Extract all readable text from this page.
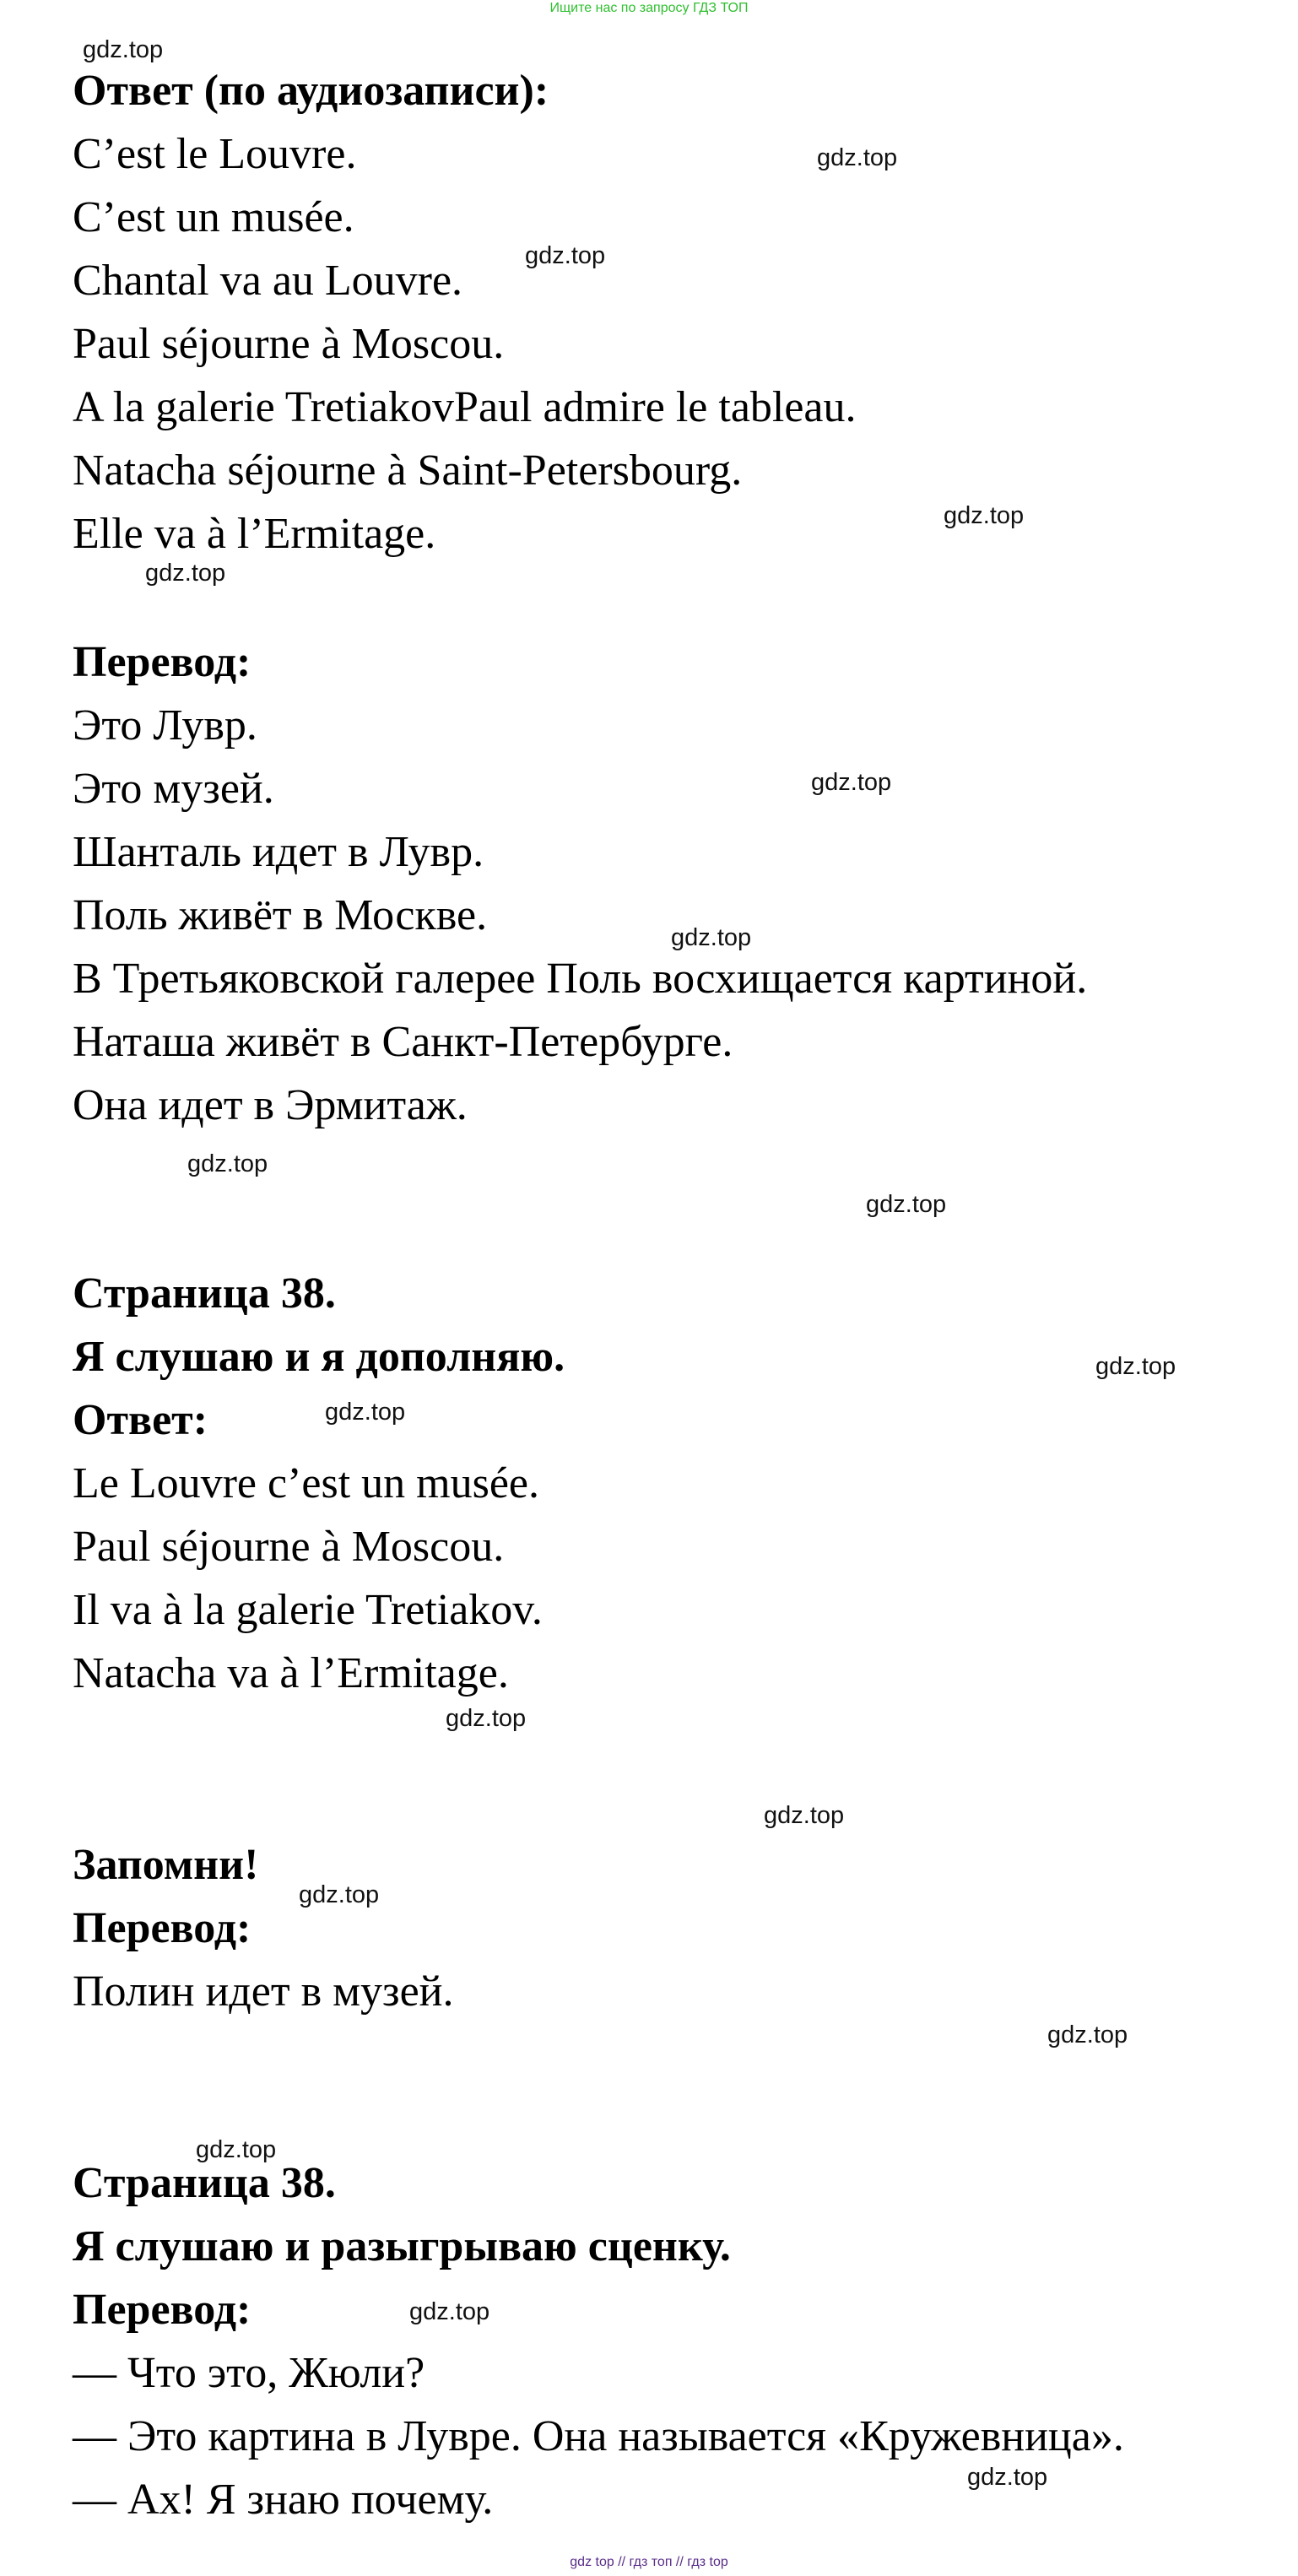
Ищите нас по запросу ГДЗ ТОП

Ответ (по аудиозаписи):

C’est le Louvre.

C’est un musée.

Chantal va au Louvre.

Paul séjourne à Moscou.

A la galerie TretiakovPaul admire le tableau.

Natacha séjourne à Saint-Petersbourg.

Elle va à l’Ermitage.

Перевод:

Это Лувр.

Это музей.

Шанталь идет в Лувр.

Поль живёт в Москве.

В Третьяковской галерее Поль восхищается картиной.

Наташа живёт в Санкт-Петербурге.

Она идет в Эрмитаж.

Страница 38.

Я слушаю и я дополняю.

Ответ:

Le Louvre c’est un musée.

Paul séjourne à Moscou.

Il va à la galerie Tretiakov.

Natacha va à l’Ermitage.

Запомни!

Перевод:

Полин идет в музей.

Страница 38.

Я слушаю и разыгрываю сценку.

Перевод:

— Что это, Жюли?

— Это картина в Лувре. Она называется «Кружевница».

— Ах! Я знаю почему.

gdz.top

gdz.top

gdz.top

gdz.top

gdz.top

gdz.top

gdz.top

gdz.top

gdz.top

gdz.top

gdz.top

gdz.top

gdz.top

gdz.top

gdz.top

gdz.top

gdz.top

gdz.top

gdz top // гдз топ // гдз top
